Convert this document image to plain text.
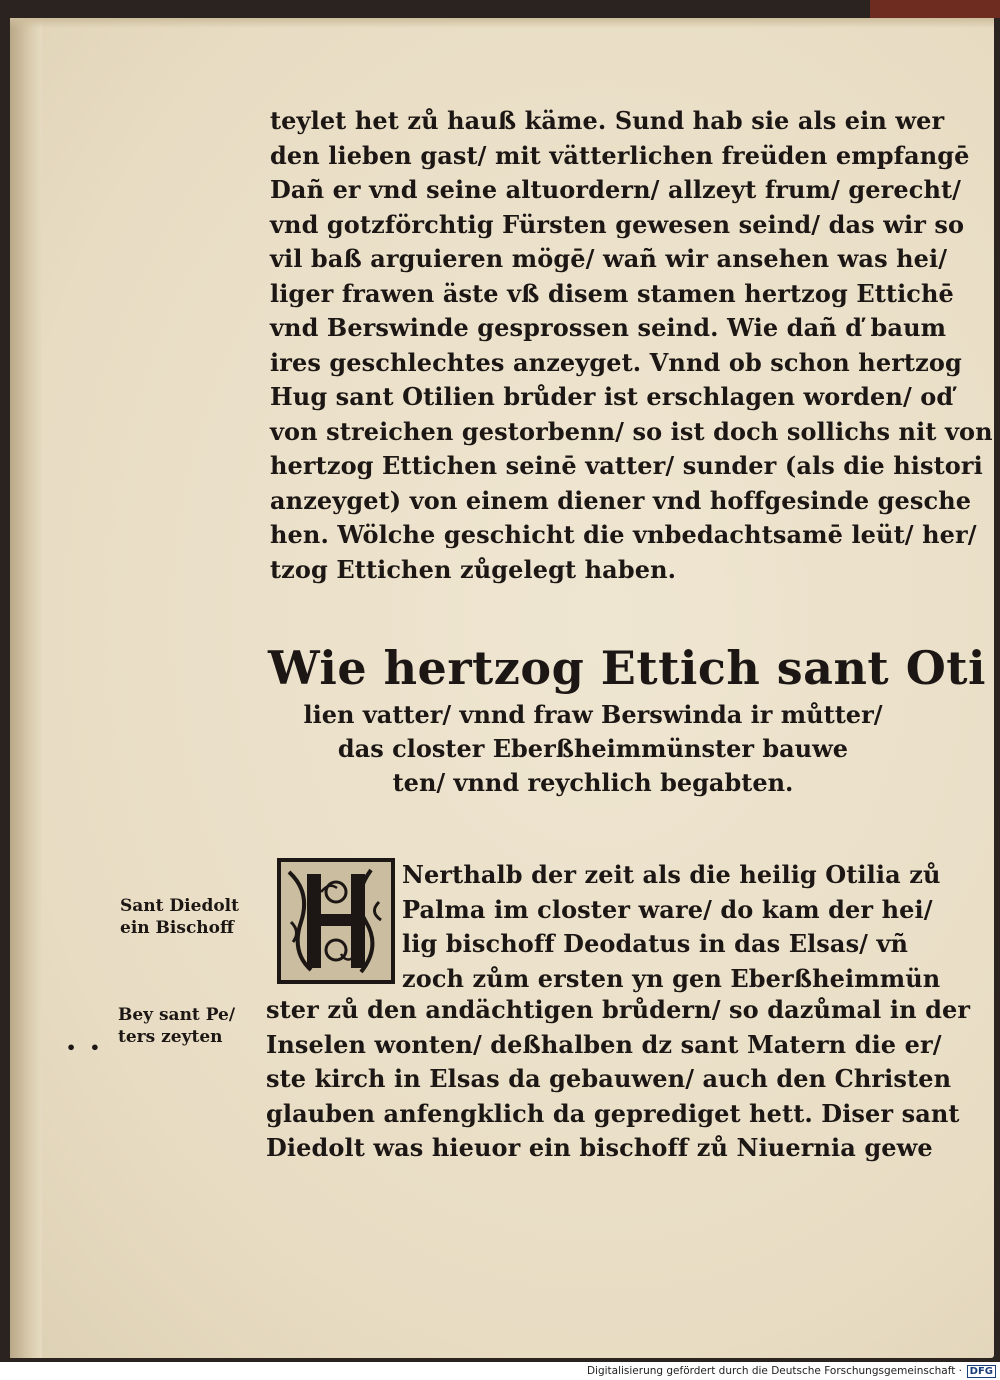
teylet het zů hauß käme. Sund hab sie als ein wer
den lieben gast/ mit vätterlichen freüden empfangē
Dañ er vnd seine altuordern/ allzeyt frum/ gerecht/
vnd gotzförchtig Fürsten gewesen seind/ das wir so
vil baß arguieren mögē/ wañ wir ansehen was hei/
liger frawen äste vß disem stamen hertzog Ettichē
vnd Berswinde gesprossen seind. Wie dañ ď baum
ires geschlechtes anzeyget. Vnnd ob schon hertzog
Hug sant Otilien brůder ist erschlagen worden/ oď
von streichen gestorbenn/ so ist doch sollichs nit von
hertzog Ettichen seinē vatter/ sunder (als die histori
anzeyget) von einem diener vnd hoffgesinde gesche
hen. Wölche geschicht die vnbedachtsamē leüt/ her/
tzog Ettichen zůgelegt haben.
Wie hertzog Ettich sant Oti
lien vatter/ vnnd fraw Berswinda ir můtter/
das closter Eberßheimmünster bauwe
ten/ vnnd reychlich begabten.
Nerthalb der zeit als die heilig Otilia zů
Palma im closter ware/ do kam der hei/
lig bischoff Deodatus in das Elsas/ vñ
zoch zům ersten yn gen Eberßheimmün
ster zů den andächtigen brůdern/ so dazůmal in der
Inselen wonten/ deßhalben dz sant Matern die er/
ste kirch in Elsas da gebauwen/ auch den Christen
glauben anfengklich da geprediget hett. Diser sant
Diedolt was hieuor ein bischoff zů Niuernia gewe
Sant Diedolt
ein Bischoff
Bey sant Pe/
ters zeyten
• •
Digitalisierung gefördert durch die Deutsche Forschungsgemeinschaft · DFG
